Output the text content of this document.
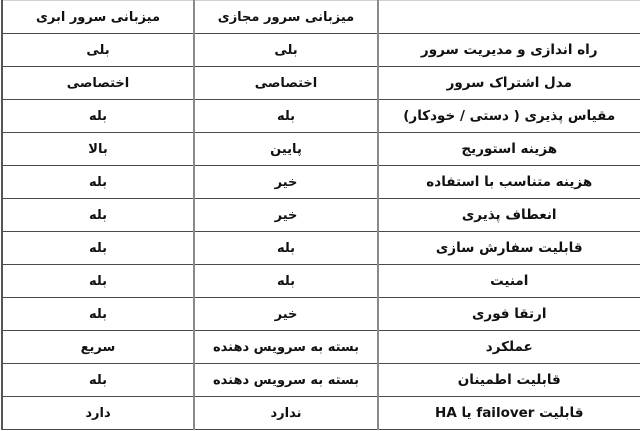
	میزبانی سرور مجازی	میزبانی سرور ابری
راه اندازی و مدیریت سرور	بلی	بلی
مدل اشتراک سرور	اختصاصی	اختصاصی
مقیاس پذیری ( دستی / خودکار)	بله	بله
هزینه استوریج	پایین	بالا
هزینه متناسب با استفاده	خیر	بله
انعطاف پذیری	خیر	بله
قابلیت سفارش سازی	بله	بله
امنیت	بله	بله
ارتقا فوری	خیر	بله
عملکرد	بسته به سرویس دهنده	سریع
قابلیت اطمینان	بسته به سرویس دهنده	بله
قابلیت failover یا HA	ندارد	دارد
